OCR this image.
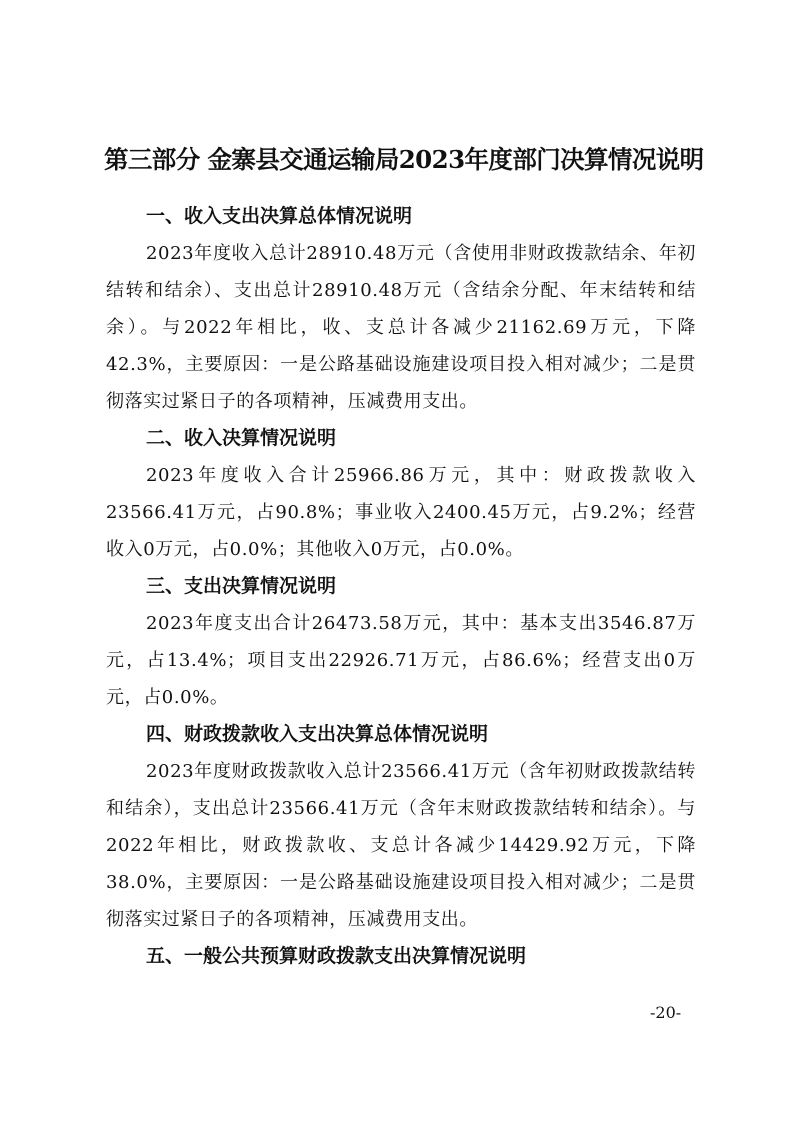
第三部分 金寨县交通运输局2023年度部门决算情况说明
一、收入支出决算总体情况说明

2023年度收入总计28910.48万元（含使用非财政拨款结余、年初结转和结余）、支出总计28910.48万元（含结余分配、年末结转和结余）。与2022年相比，收、支总计各减少21162.69万元，下降42.3%，主要原因：一是公路基础设施建设项目投入相对减少；二是贯彻落实过紧日子的各项精神，压减费用支出。

二、收入决算情况说明

2023年度收入合计25966.86万元，其中：财政拨款收入23566.41万元，占90.8%；事业收入2400.45万元，占9.2%；经营收入0万元，占0.0%；其他收入0万元，占0.0%。

三、支出决算情况说明

2023年度支出合计26473.58万元，其中：基本支出3546.87万元，占13.4%；项目支出22926.71万元，占86.6%；经营支出0万元，占0.0%。

四、财政拨款收入支出决算总体情况说明

2023年度财政拨款收入总计23566.41万元（含年初财政拨款结转和结余），支出总计23566.41万元（含年末财政拨款结转和结余）。与2022年相比，财政拨款收、支总计各减少14429.92万元，下降38.0%，主要原因：一是公路基础设施建设项目投入相对减少；二是贯彻落实过紧日子的各项精神，压减费用支出。

五、一般公共预算财政拨款支出决算情况说明
-20-
